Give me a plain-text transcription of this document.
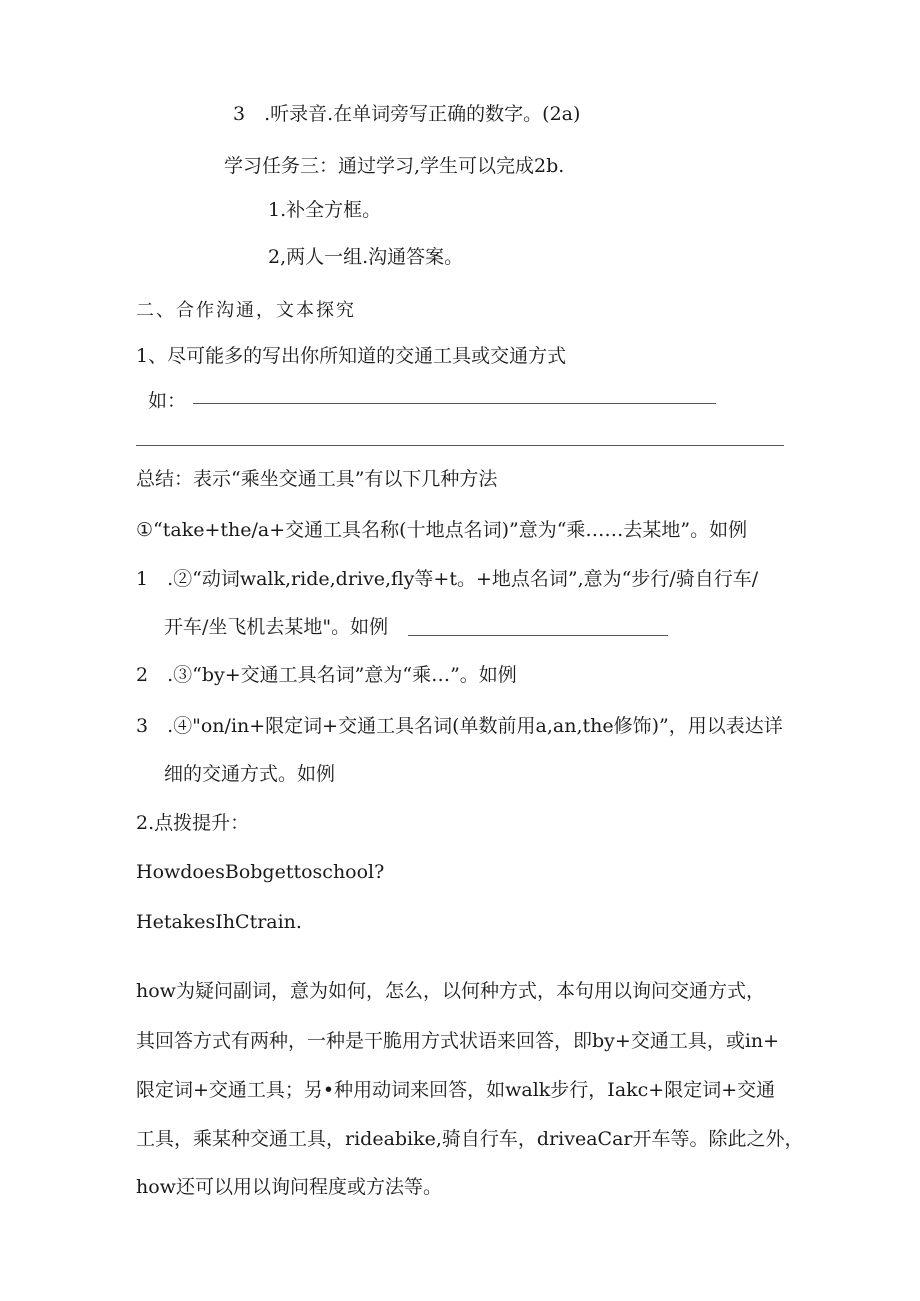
3　.听录音.在单词旁写正确的数字。(2a)
学习任务三：通过学习,学生可以完成2b.
1.补全方框。
2,两人一组.沟通答案。
二、合作沟通，文本探究
1、尽可能多的写出你所知道的交通工具或交通方式
如：
总结：表示“乘坐交通工具”有以下几种方法
①“take+the/a+交通工具名称(十地点名词)”意为“乘……去某地”。如例
1　.②“动词walk,ride,drive,fly等+t。+地点名词”,意为“步行/骑自行车/
开车/坐飞机去某地"。如例
2　.③“by+交通工具名词”意为“乘…”。如例
3　.④"on/in+限定词+交通工具名词(单数前用a,an,the修饰)”，用以表达详
细的交通方式。如例
2.点拨提升：
HowdoesBobgettoschool?
HetakesIhCtrain.
how为疑问副词，意为如何，怎么，以何种方式，本句用以询问交通方式，
其回答方式有两种，一种是干脆用方式状语来回答，即by+交通工具，或in+
限定词+交通工具；另•种用动词来回答，如walk步行，Iakc+限定词+交通
工具，乘某种交通工具，rideabike,骑自行车，driveaCar开车等。除此之外，
how还可以用以询问程度或方法等。
